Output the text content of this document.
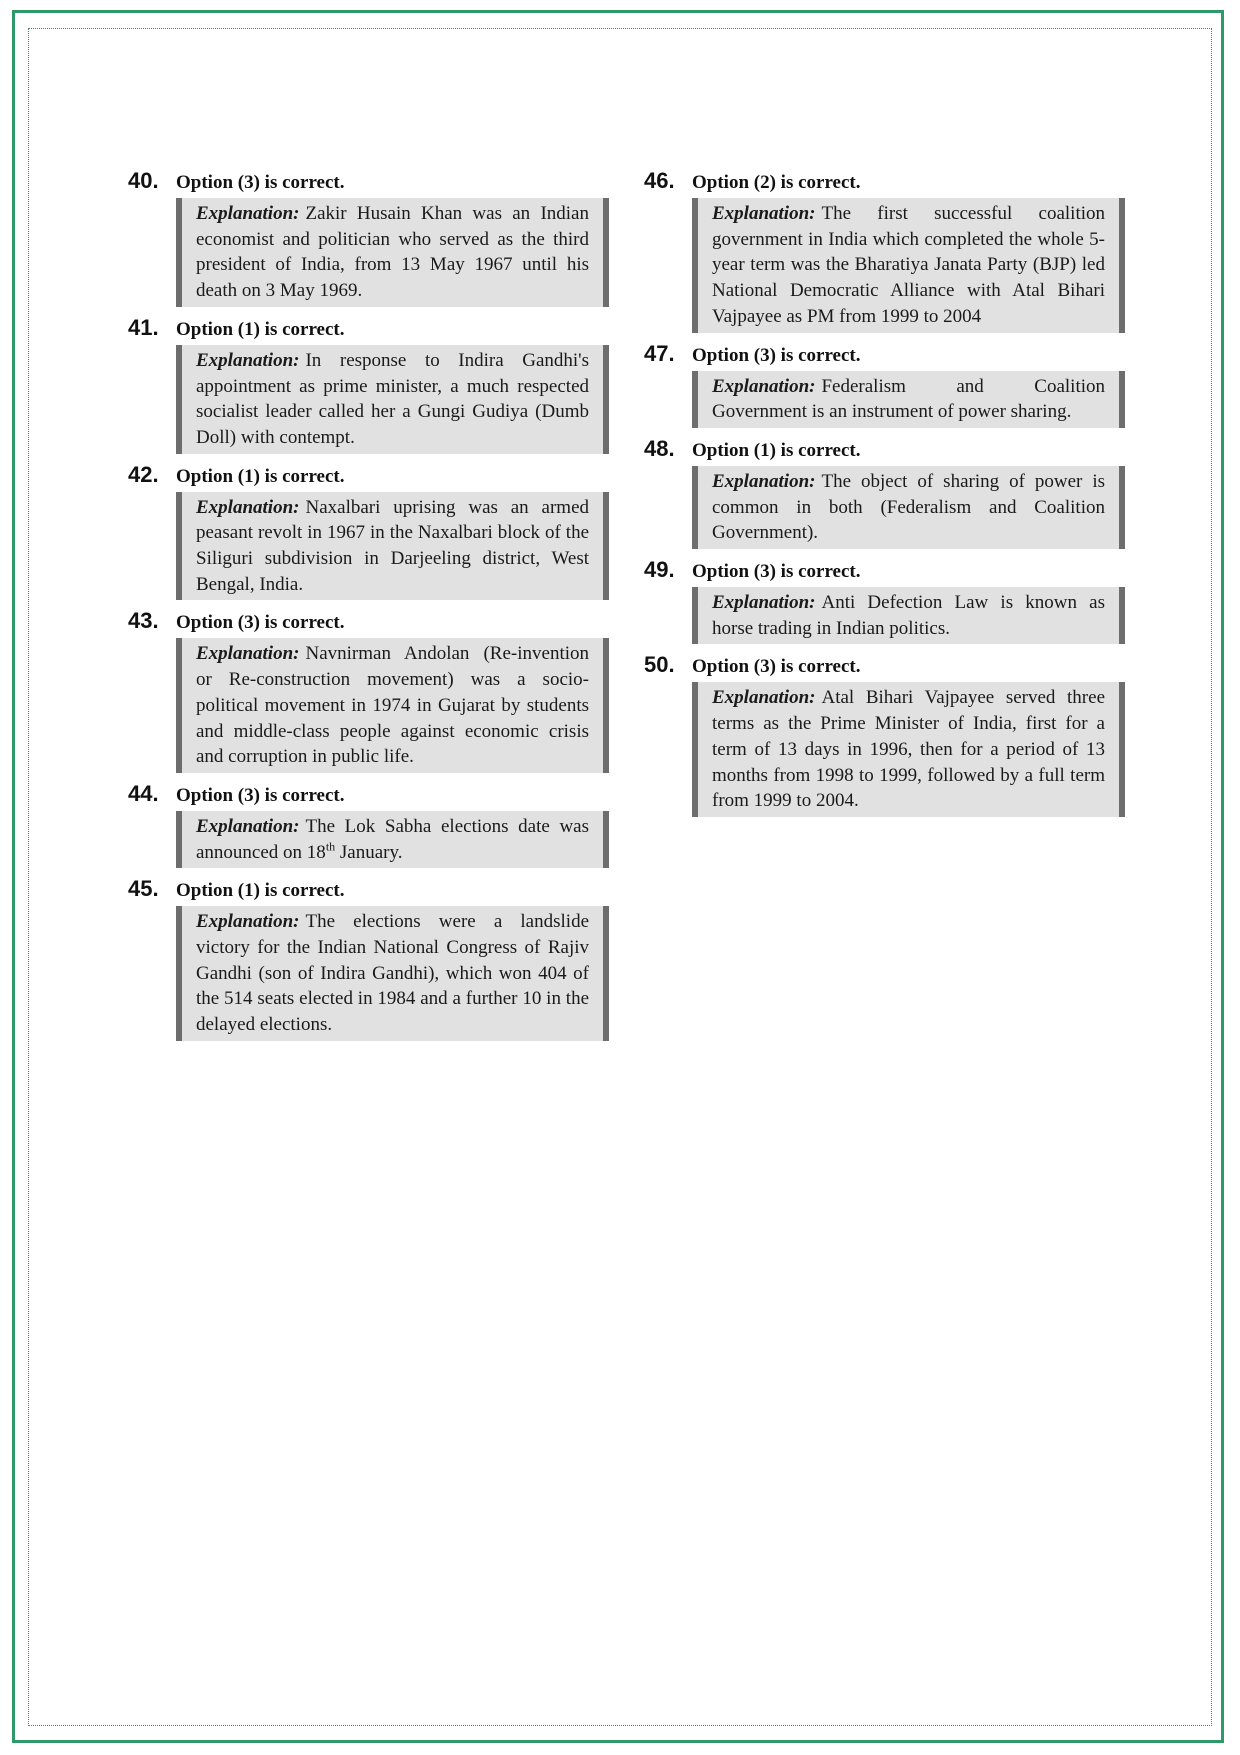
40. Option (3) is correct.
Explanation: Zakir Husain Khan was an Indian economist and politician who served as the third president of India, from 13 May 1967 until his death on 3 May 1969.
41. Option (1) is correct.
Explanation: In response to Indira Gandhi's appointment as prime minister, a much respected socialist leader called her a Gungi Gudiya (Dumb Doll) with contempt.
42. Option (1) is correct.
Explanation: Naxalbari uprising was an armed peasant revolt in 1967 in the Naxalbari block of the Siliguri subdivision in Darjeeling district, West Bengal, India.
43. Option (3) is correct.
Explanation: Navnirman Andolan (Re-invention or Re-construction movement) was a socio-political movement in 1974 in Gujarat by students and middle-class people against economic crisis and corruption in public life.
44. Option (3) is correct.
Explanation: The Lok Sabha elections date was announced on 18th January.
45. Option (1) is correct.
Explanation: The elections were a landslide victory for the Indian National Congress of Rajiv Gandhi (son of Indira Gandhi), which won 404 of the 514 seats elected in 1984 and a further 10 in the delayed elections.
46. Option (2) is correct.
Explanation: The first successful coalition government in India which completed the whole 5-year term was the Bharatiya Janata Party (BJP) led National Democratic Alliance with Atal Bihari Vajpayee as PM from 1999 to 2004
47. Option (3) is correct.
Explanation: Federalism and Coalition Government is an instrument of power sharing.
48. Option (1) is correct.
Explanation: The object of sharing of power is common in both (Federalism and Coalition Government).
49. Option (3) is correct.
Explanation: Anti Defection Law is known as horse trading in Indian politics.
50. Option (3) is correct.
Explanation: Atal Bihari Vajpayee served three terms as the Prime Minister of India, first for a term of 13 days in 1996, then for a period of 13 months from 1998 to 1999, followed by a full term from 1999 to 2004.
